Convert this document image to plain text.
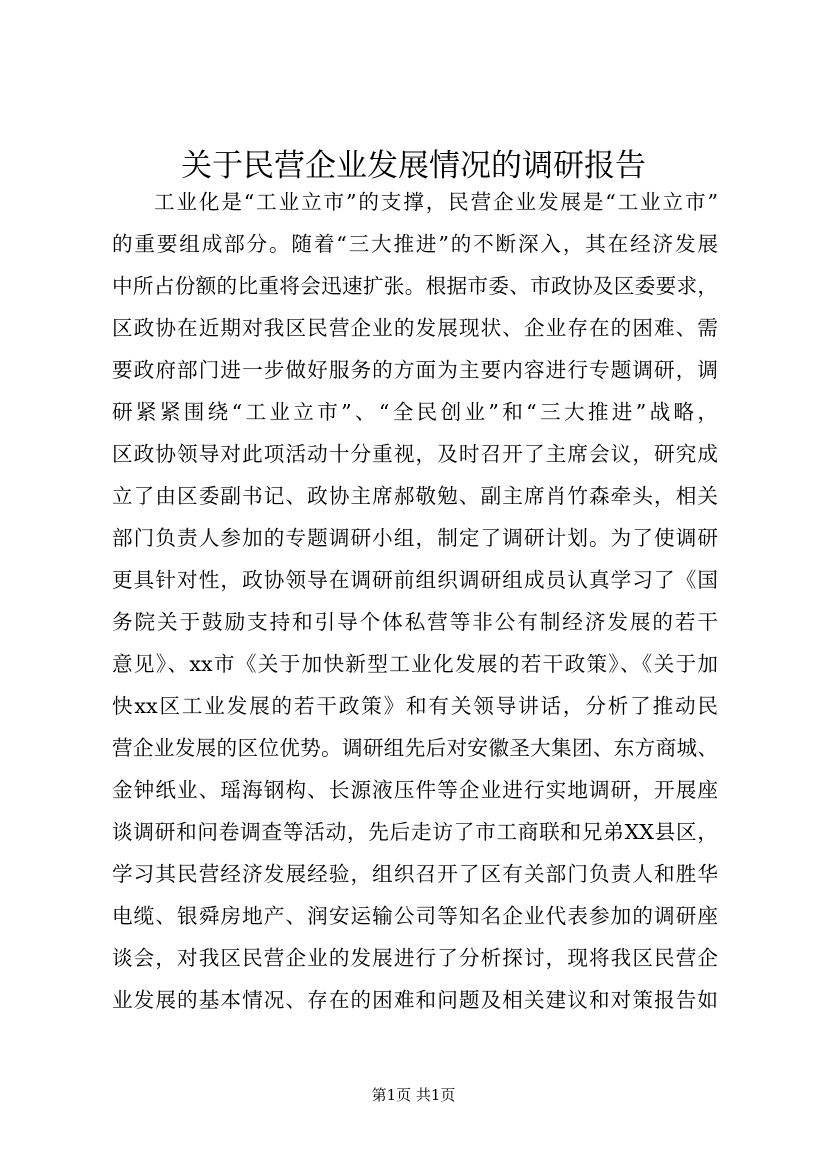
关于民营企业发展情况的调研报告
工业化是“工业立市”的支撑，民营企业发展是“工业立市”
的重要组成部分。随着“三大推进”的不断深入，其在经济发展
中所占份额的比重将会迅速扩张。根据市委、市政协及区委要求，
区政协在近期对我区民营企业的发展现状、企业存在的困难、需
要政府部门进一步做好服务的方面为主要内容进行专题调研，调
研紧紧围绕“工业立市”、“全民创业”和“三大推进”战略，
区政协领导对此项活动十分重视，及时召开了主席会议，研究成
立了由区委副书记、政协主席郝敬勉、副主席肖竹森牵头，相关
部门负责人参加的专题调研小组，制定了调研计划。为了使调研
更具针对性，政协领导在调研前组织调研组成员认真学习了《国
务院关于鼓励支持和引导个体私营等非公有制经济发展的若干
意见》、xx市《关于加快新型工业化发展的若干政策》、《关于加
快xx区工业发展的若干政策》和有关领导讲话，分析了推动民
营企业发展的区位优势。调研组先后对安徽圣大集团、东方商城、
金钟纸业、瑶海钢构、长源液压件等企业进行实地调研，开展座
谈调研和问卷调查等活动，先后走访了市工商联和兄弟XX县区，
学习其民营经济发展经验，组织召开了区有关部门负责人和胜华
电缆、银舜房地产、润安运输公司等知名企业代表参加的调研座
谈会，对我区民营企业的发展进行了分析探讨，现将我区民营企
业发展的基本情况、存在的困难和问题及相关建议和对策报告如
第1页 共1页
